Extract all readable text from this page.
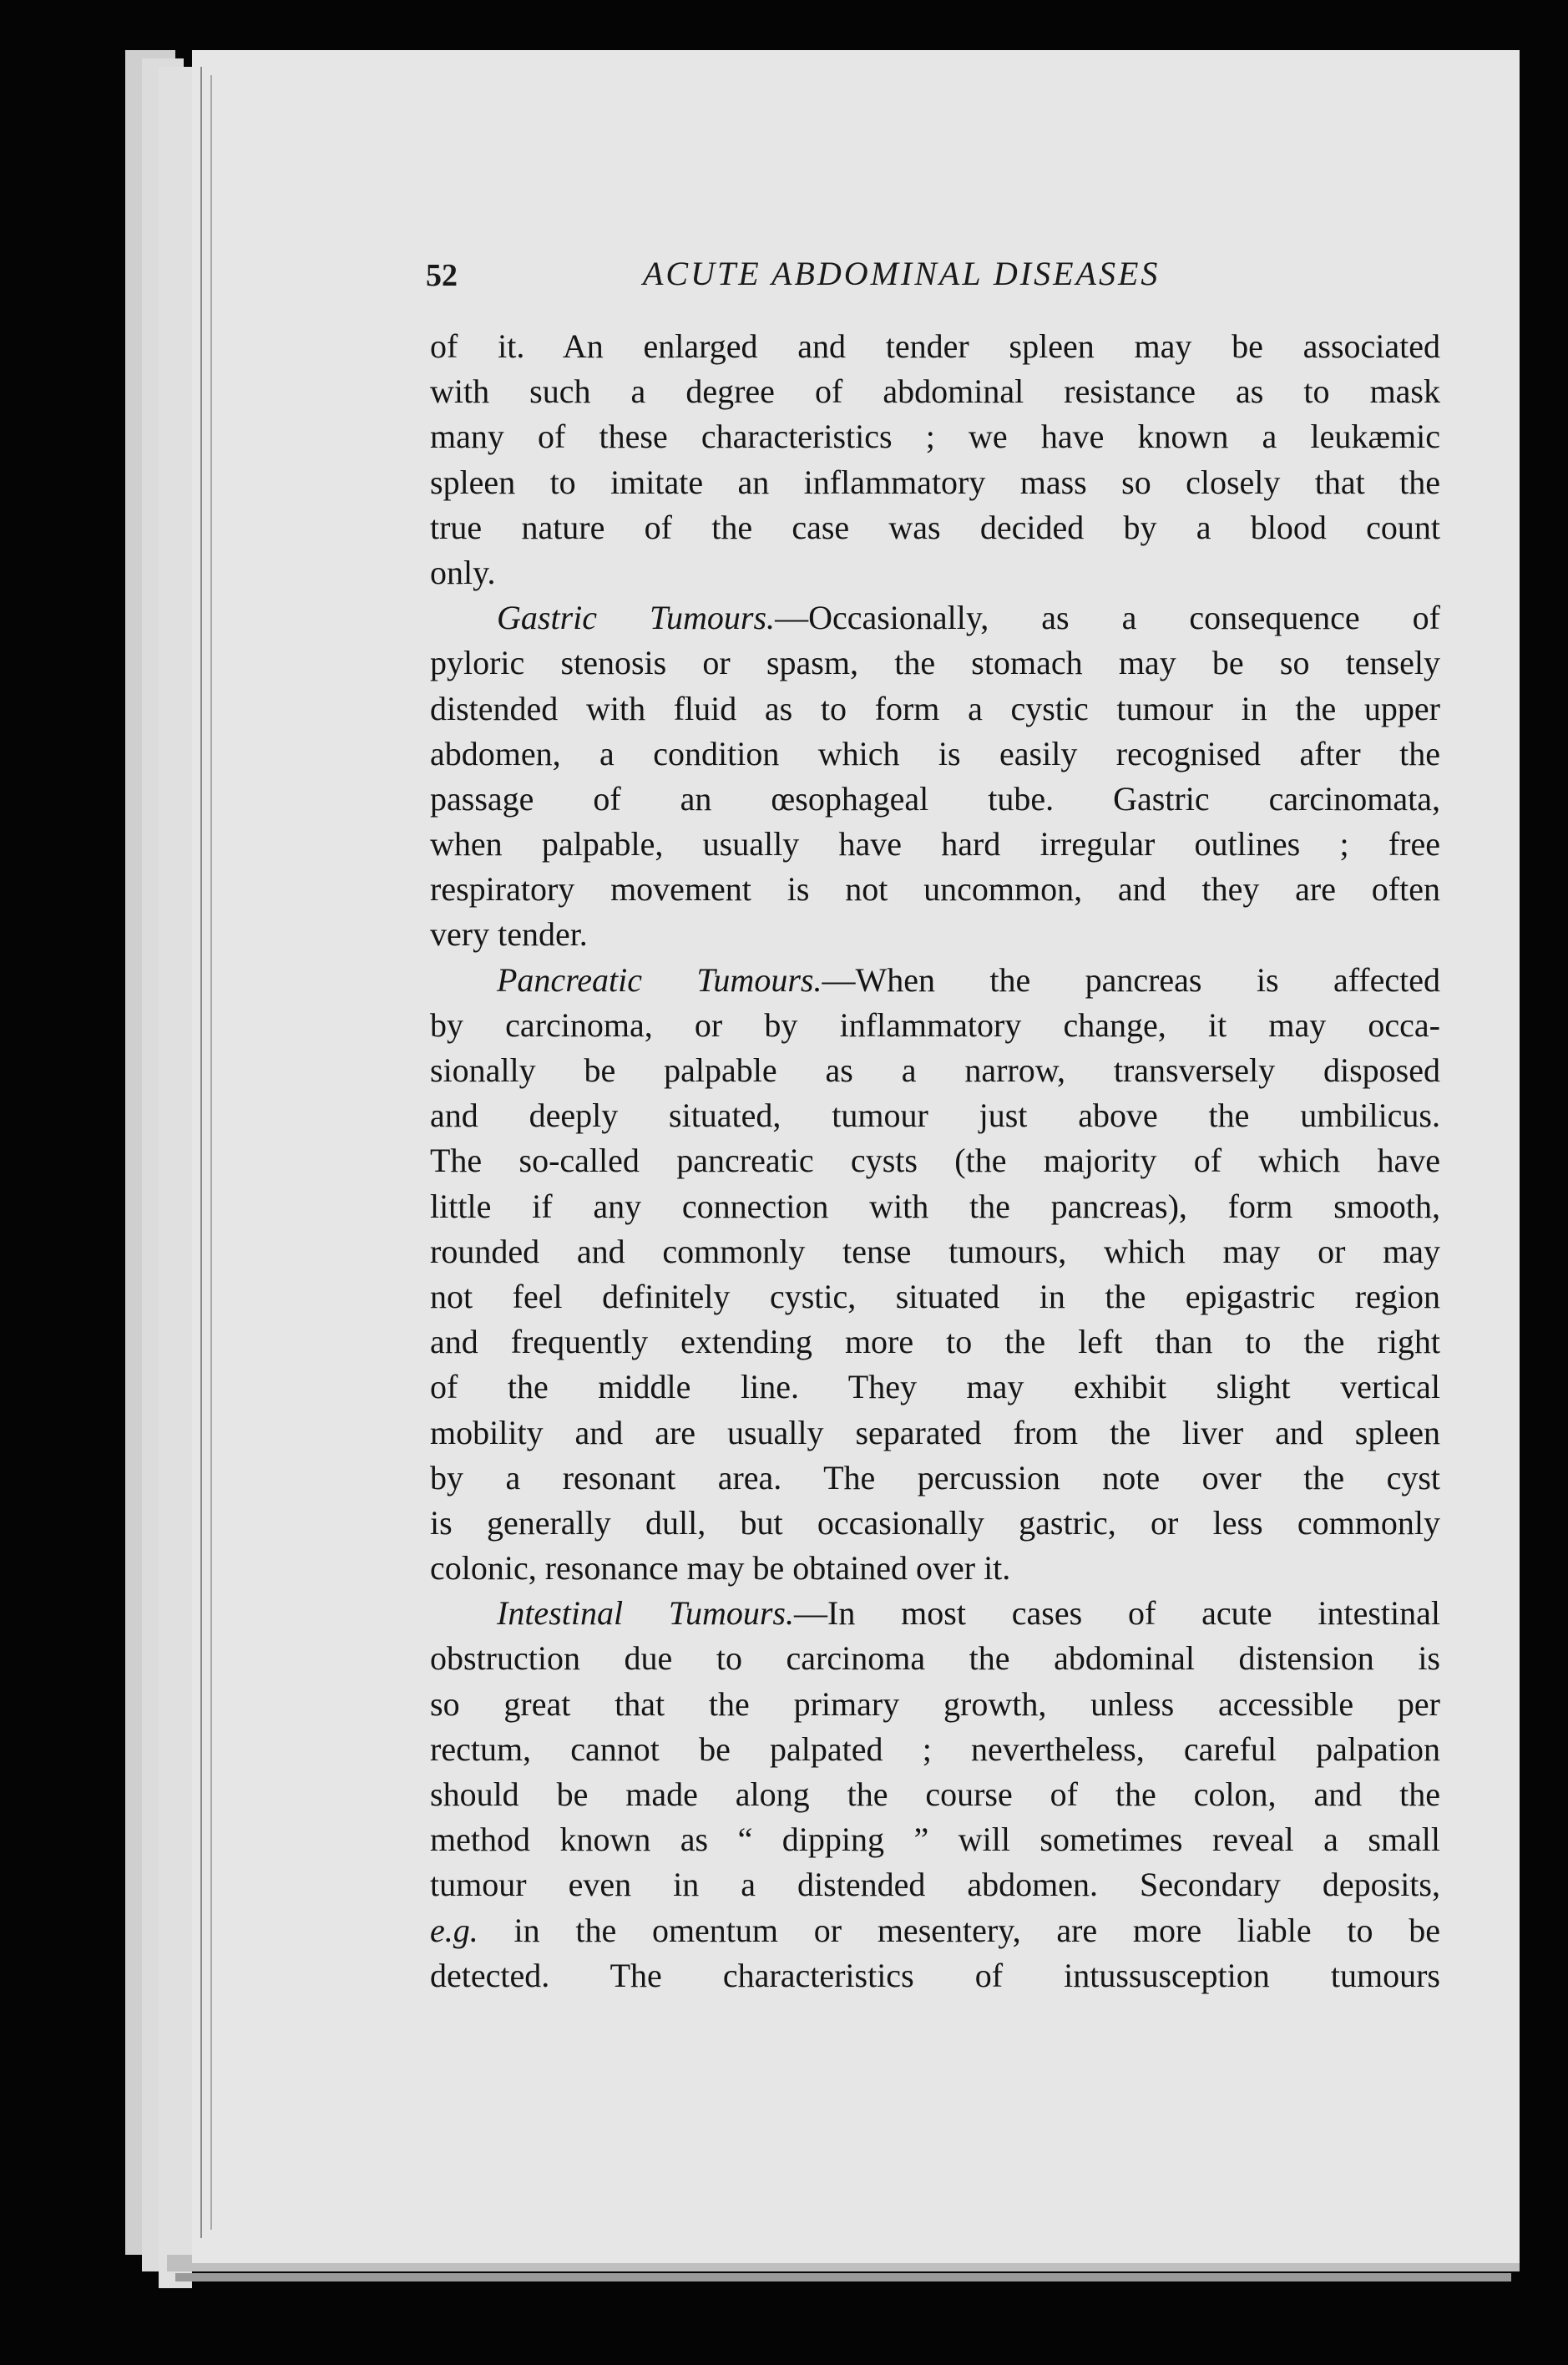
52	ACUTE ABDOMINAL DISEASES
of it. An enlarged and tender spleen may be associated
with such a degree of abdominal resistance as to mask
many of these characteristics ; we have known a leukæmic
spleen to imitate an inflammatory mass so closely that the
true nature of the case was decided by a blood count
only.
Gastric Tumours.—Occasionally, as a consequence of
pyloric stenosis or spasm, the stomach may be so tensely
distended with fluid as to form a cystic tumour in the upper
abdomen, a condition which is easily recognised after the
passage of an œsophageal tube. Gastric carcinomata,
when palpable, usually have hard irregular outlines ; free
respiratory movement is not uncommon, and they are often
very tender.
Pancreatic Tumours.—When the pancreas is affected
by carcinoma, or by inflammatory change, it may occa-
sionally be palpable as a narrow, transversely disposed
and deeply situated, tumour just above the umbilicus.
The so-called pancreatic cysts (the majority of which have
little if any connection with the pancreas), form smooth,
rounded and commonly tense tumours, which may or may
not feel definitely cystic, situated in the epigastric region
and frequently extending more to the left than to the right
of the middle line. They may exhibit slight vertical
mobility and are usually separated from the liver and spleen
by a resonant area. The percussion note over the cyst
is generally dull, but occasionally gastric, or less commonly
colonic, resonance may be obtained over it.
Intestinal Tumours.—In most cases of acute intestinal
obstruction due to carcinoma the abdominal distension is
so great that the primary growth, unless accessible per
rectum, cannot be palpated ; nevertheless, careful palpation
should be made along the course of the colon, and the
method known as “ dipping ” will sometimes reveal a small
tumour even in a distended abdomen. Secondary deposits,
e.g. in the omentum or mesentery, are more liable to be
detected. The characteristics of intussusception tumours
